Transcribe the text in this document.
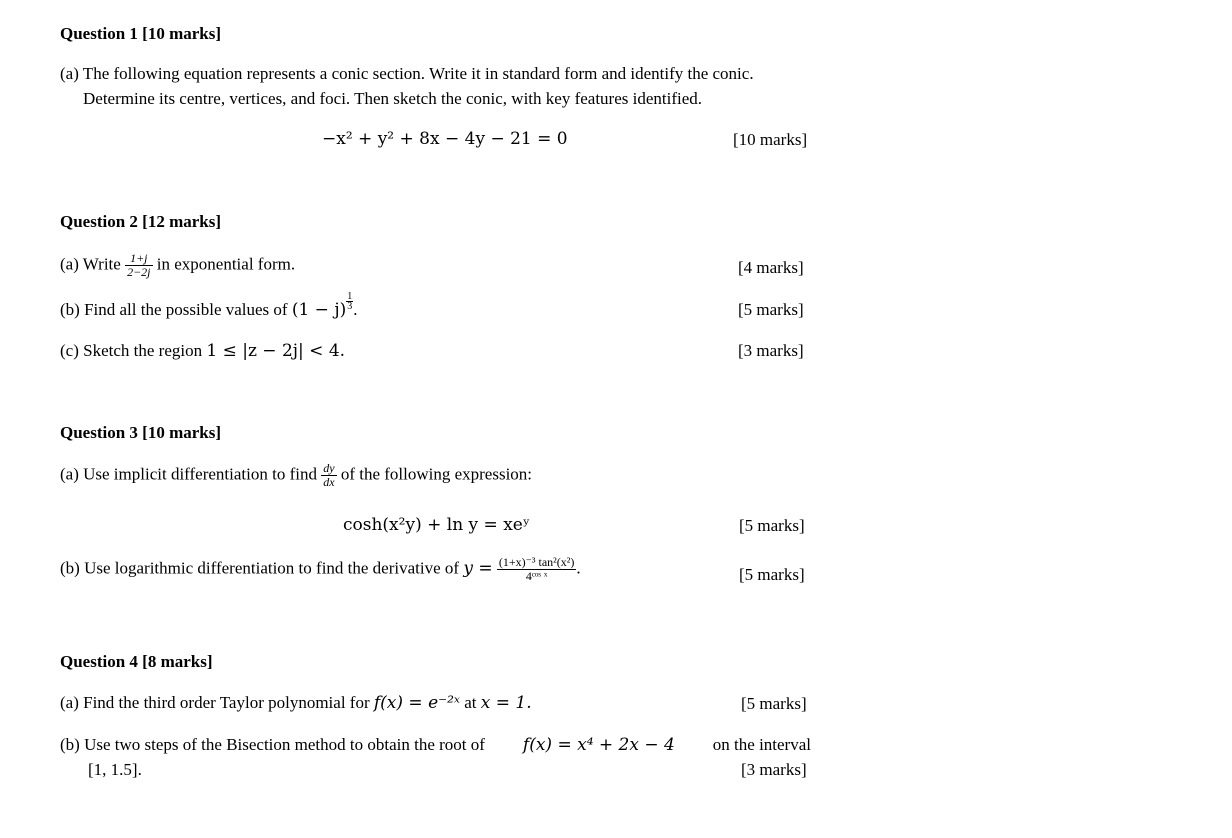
Question 1 [10 marks]
(a) The following equation represents a conic section. Write it in standard form and identify the conic.
Determine its centre, vertices, and foci. Then sketch the conic, with key features identified.
−x² + y² + 8x − 4y − 21 = 0	[10 marks]
Question 2 [12 marks]
(a) Write $\frac{1+j}{2-2j}$ in exponential form.	[4 marks]
(b) Find all the possible values of $(1 - j) \frac{1}{3}$ .	[5 marks]
(c) Sketch the region 1 ≤ |z − 2j| < 4.	[3 marks]
Question 3 [10 marks]
(a) Use implicit differentiation to find $\frac{dy}{dx}$ of the following expression:
cosh(x²y) + ln y = xeʸ	[5 marks]
(b) Use logarithmic differentiation to find the derivative of $y = \frac{\text{(1+x)⁻³ tan²(x²)}}{\text{4ᶜᵒˢ ˣ}}$ .	[5 marks]
Question 4 [8 marks]
(a) Find the third order Taylor polynomial for f(x) = e⁻²ˣ at x = 1.	[5 marks]
(b) Use two steps of the Bisection method to obtain the root of f(x) = x⁴ + 2x − 4 on the interval
[1, 1.5].	[3 marks]
